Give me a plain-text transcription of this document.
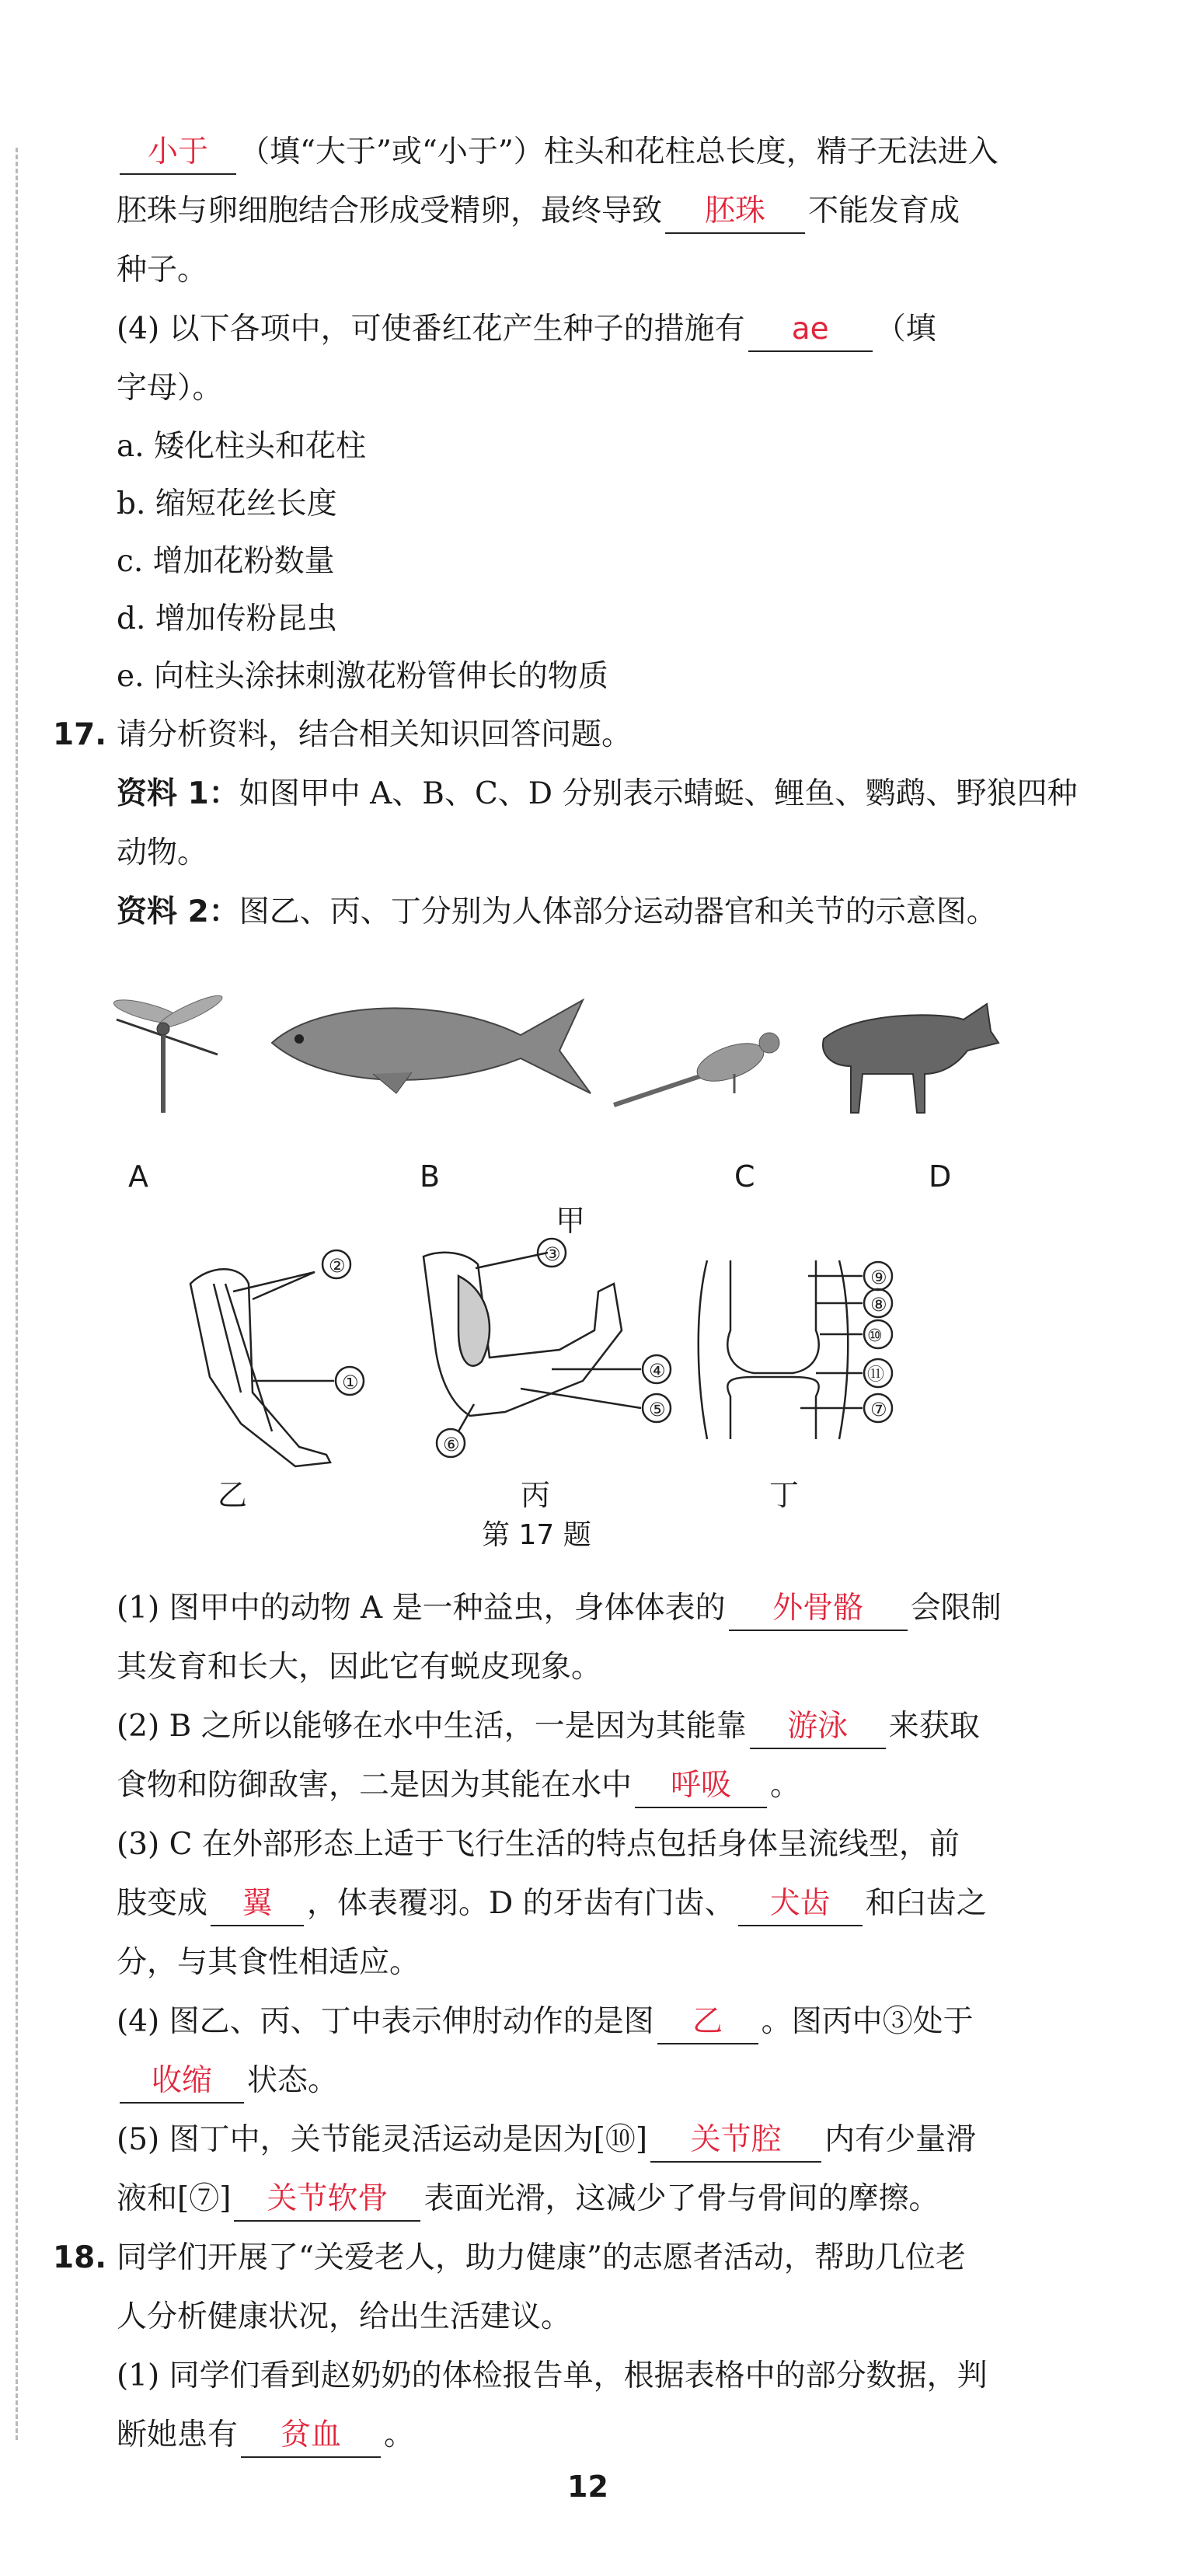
小于 （填“大于”或“小于”）柱头和花柱总长度，精子无法进入
胚珠与卵细胞结合形成受精卵，最终导致 胚珠 不能发育成
种子。
(4) 以下各项中，可使番红花产生种子的措施有 ae （填
字母）。
a. 矮化柱头和花柱
b. 缩短花丝长度
c. 增加花粉数量
d. 增加传粉昆虫
e. 向柱头涂抹刺激花粉管伸长的物质
17. 请分析资料，结合相关知识回答问题。
资料 1：如图甲中 A、B、C、D 分别表示蜻蜓、鲤鱼、鹦鹉、野狼四种
动物。
资料 2：图乙、丙、丁分别为人体部分运动器官和关节的示意图。
A	B	C	D
甲
②
①
③
④
⑤
⑥
⑨
⑧
⑩
⑪
⑦
乙	丙	丁
第 17 题
(1) 图甲中的动物 A 是一种益虫，身体体表的 外骨骼 会限制
其发育和长大，因此它有蜕皮现象。
(2) B 之所以能够在水中生活，一是因为其能靠 游泳 来获取
食物和防御敌害，二是因为其能在水中 呼吸 。
(3) C 在外部形态上适于飞行生活的特点包括身体呈流线型，前
肢变成 翼 ，体表覆羽。D 的牙齿有门齿、 犬齿 和臼齿之
分，与其食性相适应。
(4) 图乙、丙、丁中表示伸肘动作的是图 乙 。图丙中③处于
收缩 状态。
(5) 图丁中，关节能灵活运动是因为[⑩] 关节腔 内有少量滑
液和[⑦] 关节软骨 表面光滑，这减少了骨与骨间的摩擦。
18. 同学们开展了“关爱老人，助力健康”的志愿者活动，帮助几位老
人分析健康状况，给出生活建议。
(1) 同学们看到赵奶奶的体检报告单，根据表格中的部分数据，判
断她患有 贫血 。
12
